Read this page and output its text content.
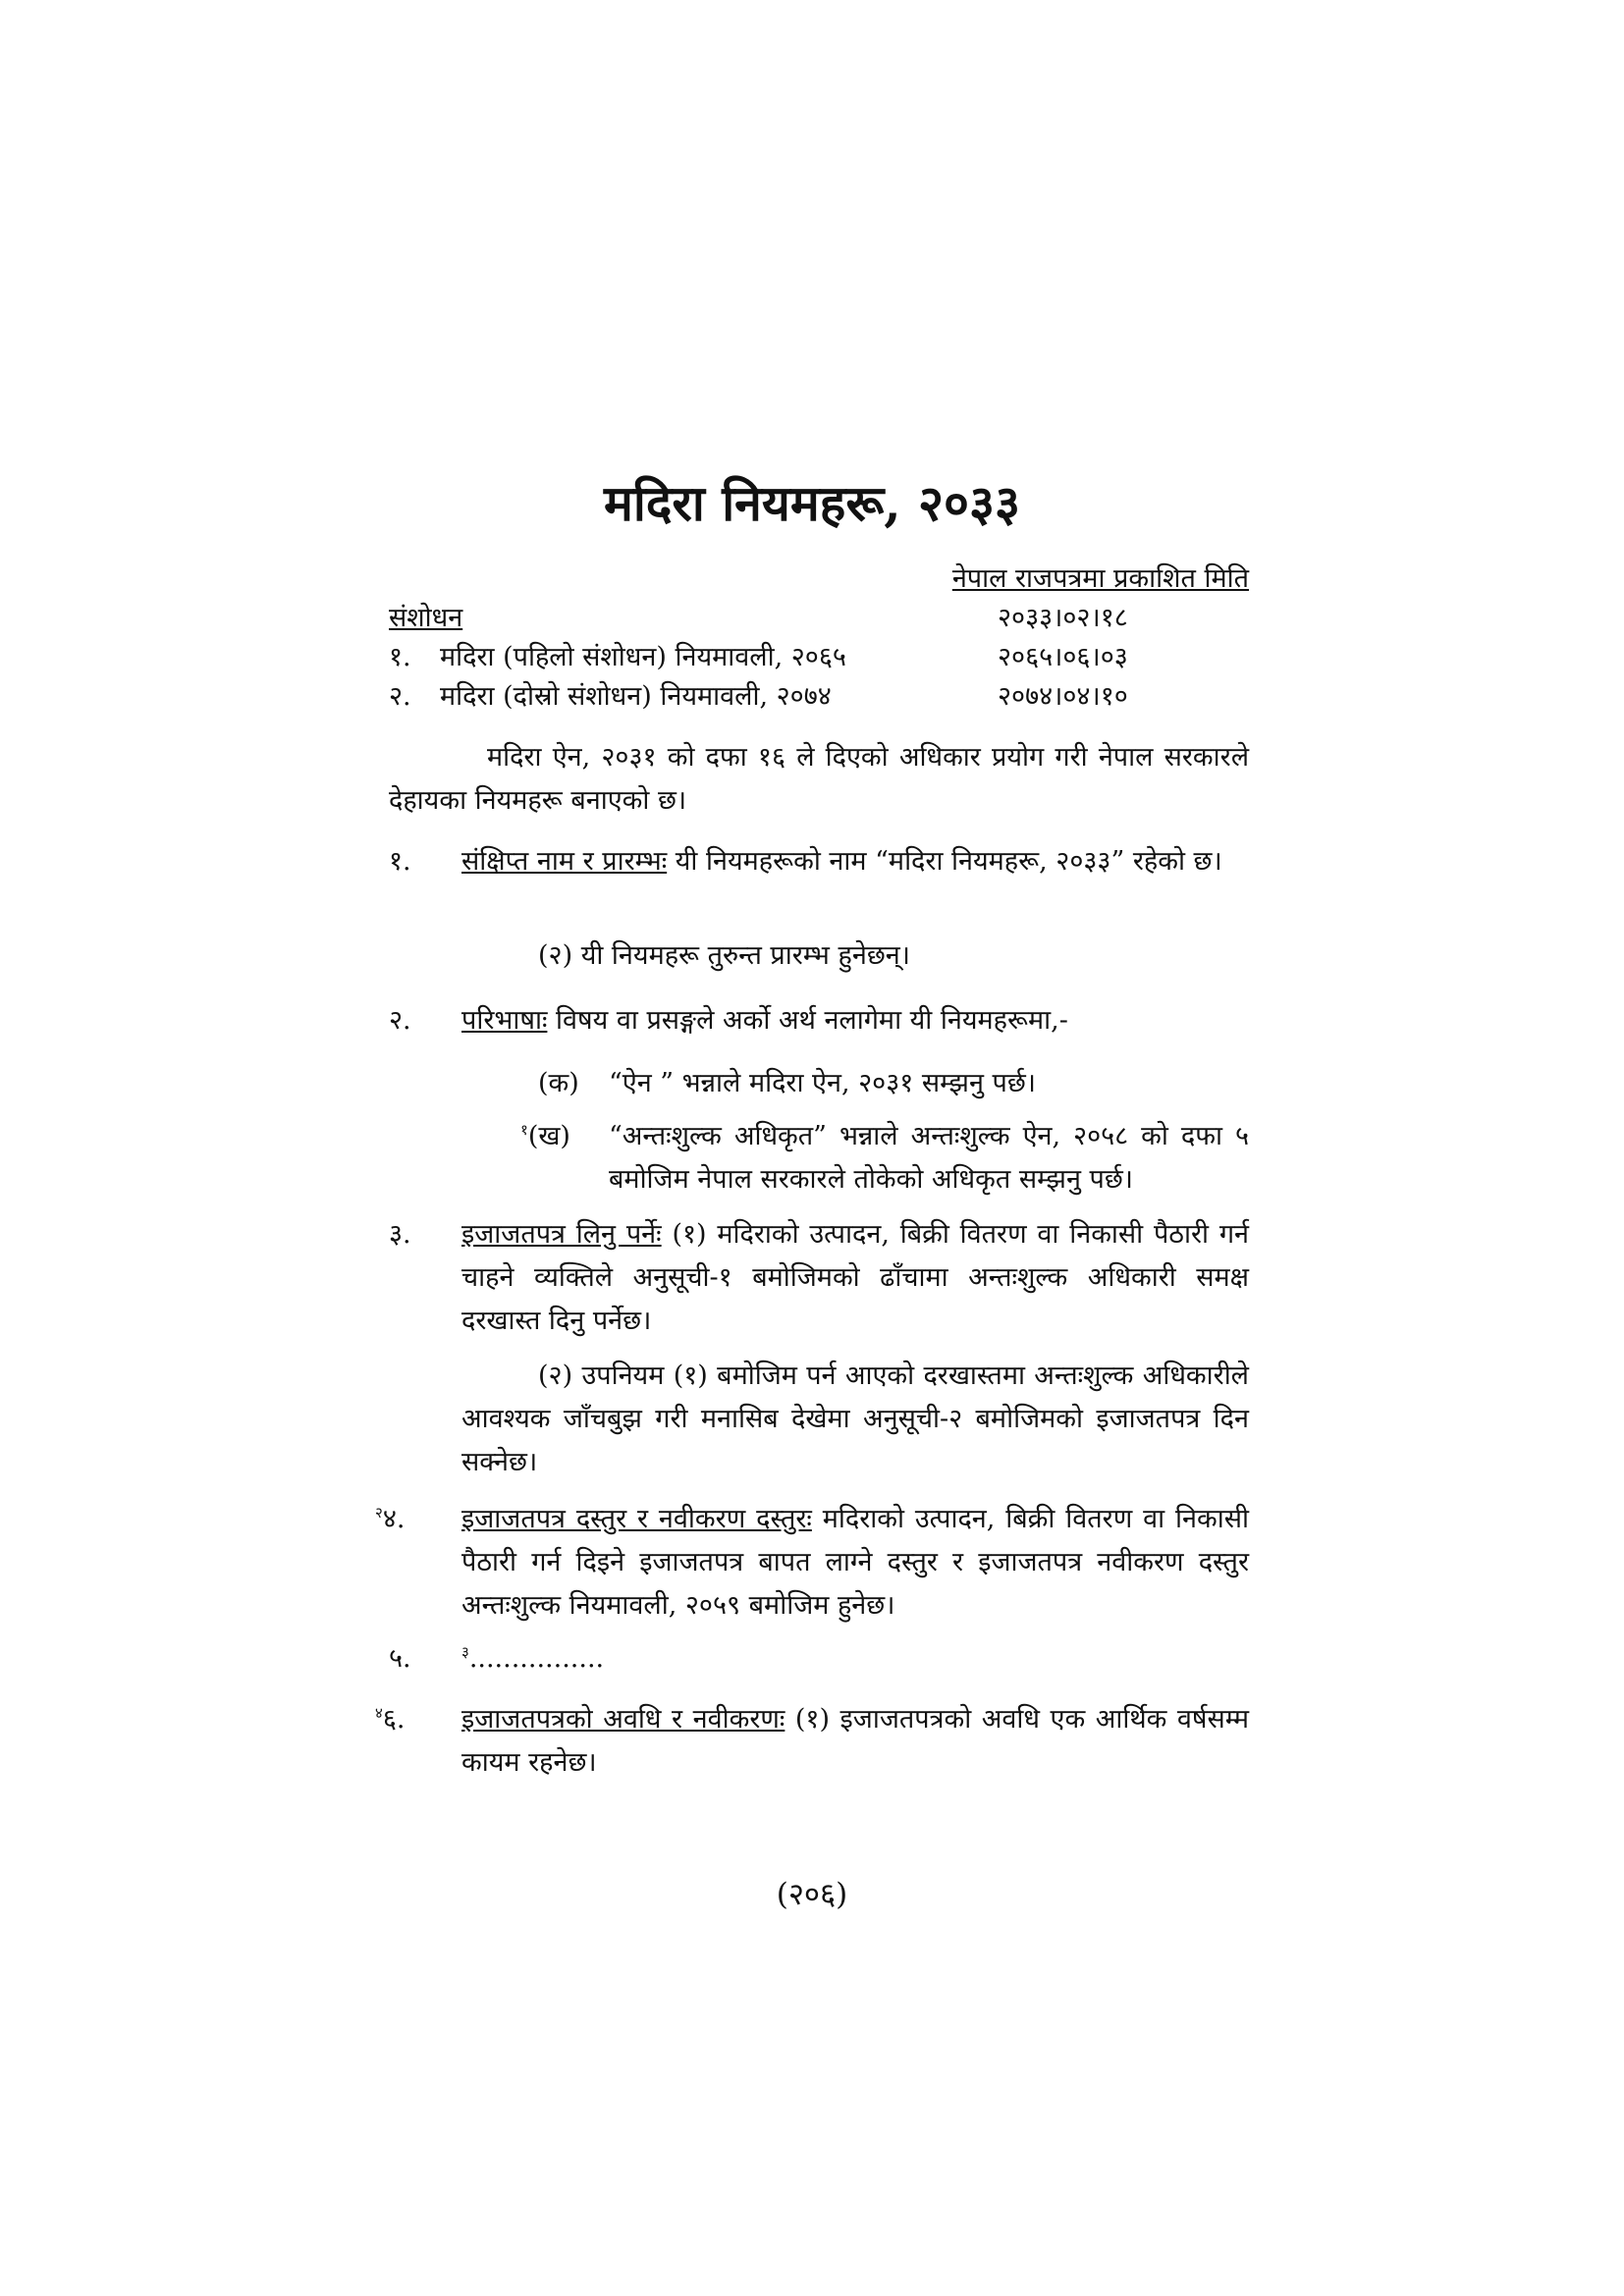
मदिरा नियमहरू, २०३३
नेपाल राजपत्रमा प्रकाशित मिति
संशोधन	२०३३।०२।१८
१. मदिरा (पहिलो संशोधन) नियमावली, २०६५	२०६५।०६।०३
२. मदिरा (दोस्रो संशोधन) नियमावली, २०७४	२०७४।०४।१०
मदिरा ऐन, २०३१ को दफा १६ ले दिएको अधिकार प्रयोग गरी नेपाल सरकारले देहायका नियमहरू बनाएको छ।
१. संक्षिप्त नाम र प्रारम्भः यी नियमहरूको नाम “मदिरा नियमहरू, २०३३” रहेको छ।
(२) यी नियमहरू तुरुन्त प्रारम्भ हुनेछन्।
२. परिभाषाः विषय वा प्रसङ्गले अर्को अर्थ नलागेमा यी नियमहरूमा,-
(क) “ऐन ” भन्नाले मदिरा ऐन, २०३१ सम्झनु पर्छ।
$^१$(ख) “अन्तःशुल्क अधिकृत” भन्नाले अन्तःशुल्क ऐन, २०५८ को दफा ५ बमोजिम नेपाल सरकारले तोकेको अधिकृत सम्झनु पर्छ।
३. इजाजतपत्र लिनु पर्नेः (१) मदिराको उत्पादन, बिक्री वितरण वा निकासी पैठारी गर्न चाहने व्यक्तिले अनुसूची-१ बमोजिमको ढाँचामा अन्तःशुल्क अधिकारी समक्ष दरखास्त दिनु पर्नेछ।
(२) उपनियम (१) बमोजिम पर्न आएको दरखास्तमा अन्तःशुल्क अधिकारीले आवश्यक जाँचबुझ गरी मनासिब देखेमा अनुसूची-२ बमोजिमको इजाजतपत्र दिन सक्नेछ।
$^२$४. इजाजतपत्र दस्तुर र नवीकरण दस्तुरः मदिराको उत्पादन, बिक्री वितरण वा निकासी पैठारी गर्न दिइने इजाजतपत्र बापत लाग्ने दस्तुर र इजाजतपत्र नवीकरण दस्तुर अन्तःशुल्क नियमावली, २०५९ बमोजिम हुनेछ।
५.	$^३$................
$^४$६. इजाजतपत्रको अवधि र नवीकरणः (१) इजाजतपत्रको अवधि एक आर्थिक वर्षसम्म कायम रहनेछ।
(२०६)
